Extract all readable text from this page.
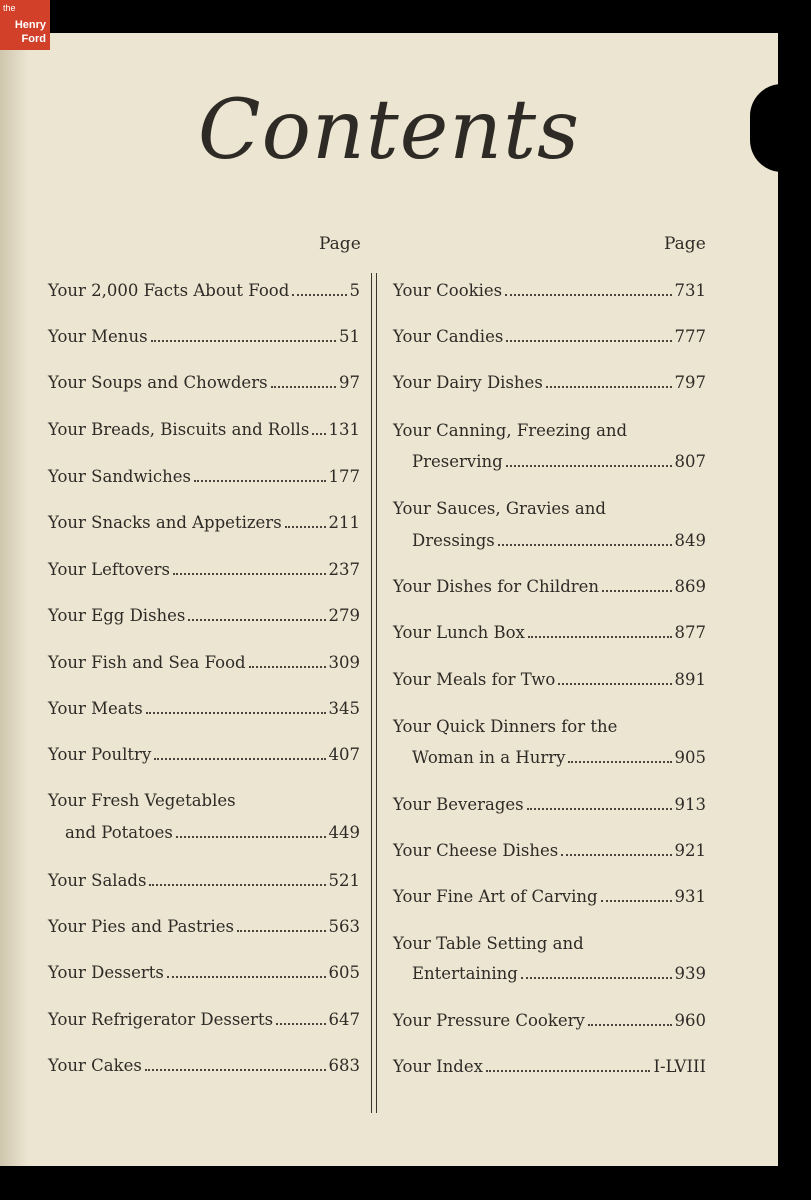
the
Henry
Ford
Contents
Page	Page
Your 2,000 Facts About Food	5
Your Menus	51
Your Soups and Chowders	97
Your Breads, Biscuits and Rolls 131
Your Sandwiches	177
Your Snacks and Appetizers	211
Your Leftovers	237
Your Egg Dishes	279
Your Fish and Sea Food	309
Your Meats	345
Your Poultry	407
Your Fresh Vegetables
and Potatoes	449
Your Salads	521
Your Pies and Pastries	563
Your Desserts	605
Your Refrigerator Desserts	647
Your Cakes	683
Your Cookies	731
Your Candies	777
Your Dairy Dishes	797
Your Canning, Freezing and
Preserving	807
Your Sauces, Gravies and
Dressings	849
Your Dishes for Children	869
Your Lunch Box	877
Your Meals for Two	891
Your Quick Dinners for the
Woman in a Hurry	905
Your Beverages	913
Your Cheese Dishes	921
Your Fine Art of Carving	931
Your Table Setting and
Entertaining	939
Your Pressure Cookery	960
Your Index	I-LVIII
